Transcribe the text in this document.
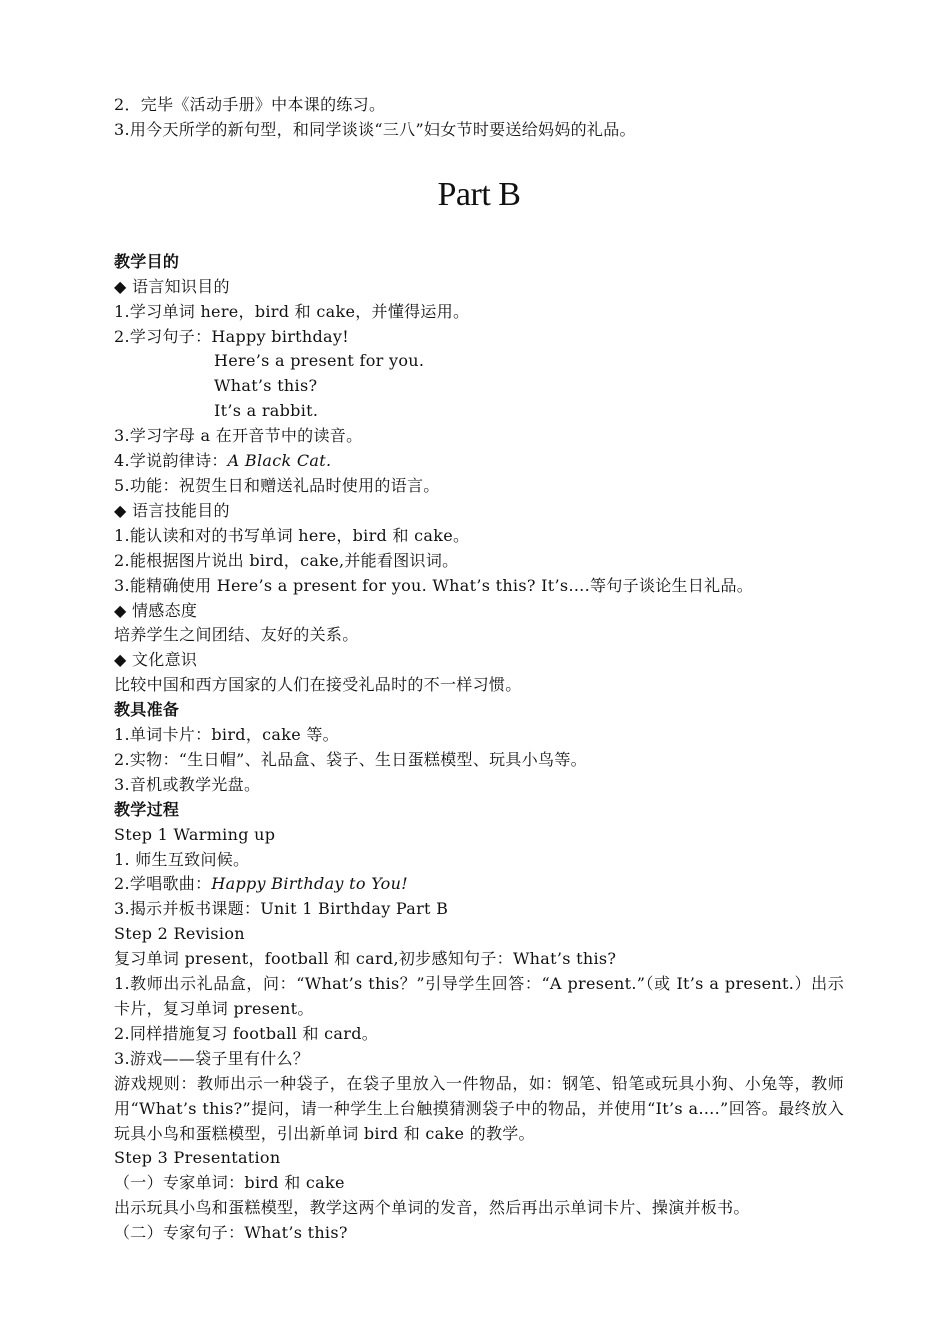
2．完毕《活动手册》中本课的练习。
3.用今天所学的新句型，和同学谈谈“三八”妇女节时要送给妈妈的礼品。
Part B
教学目的
◆ 语言知识目的
1.学习单词 here，bird 和 cake，并懂得运用。
2.学习句子：Happy birthday!
Here’s a present for you.
What’s this?
It’s a rabbit.
3.学习字母 a 在开音节中的读音。
4.学说韵律诗：A Black Cat.
5.功能：祝贺生日和赠送礼品时使用的语言。
◆ 语言技能目的
1.能认读和对的书写单词 here，bird 和 cake。
2.能根据图片说出 bird，cake,并能看图识词。
3.能精确使用 Here’s a present for you. What’s this? It’s….等句子谈论生日礼品。
◆ 情感态度
培养学生之间团结、友好的关系。
◆ 文化意识
比较中国和西方国家的人们在接受礼品时的不一样习惯。
教具准备
1.单词卡片：bird，cake 等。
2.实物：“生日帽”、礼品盒、袋子、生日蛋糕模型、玩具小鸟等。
3.音机或教学光盘。
教学过程
Step 1 Warming up
1. 师生互致问候。
2.学唱歌曲：Happy Birthday to You!
3.揭示并板书课题：Unit 1 Birthday Part B
Step 2 Revision
复习单词 present，football 和 card,初步感知句子：What’s this?
1.教师出示礼品盒，问：“What’s this？”引导学生回答：“A present.”（或 It’s a present.）出示卡片，复习单词 present。
2.同样措施复习 football 和 card。
3.游戏——袋子里有什么？
游戏规则：教师出示一种袋子，在袋子里放入一件物品，如：钢笔、铅笔或玩具小狗、小兔等，教师用“What’s this?”提问，请一种学生上台触摸猜测袋子中的物品，并使用“It’s a….”回答。最终放入玩具小鸟和蛋糕模型，引出新单词 bird 和 cake 的教学。
Step 3 Presentation
（一）专家单词：bird 和 cake
出示玩具小鸟和蛋糕模型，教学这两个单词的发音，然后再出示单词卡片、操演并板书。
（二）专家句子：What’s this?
